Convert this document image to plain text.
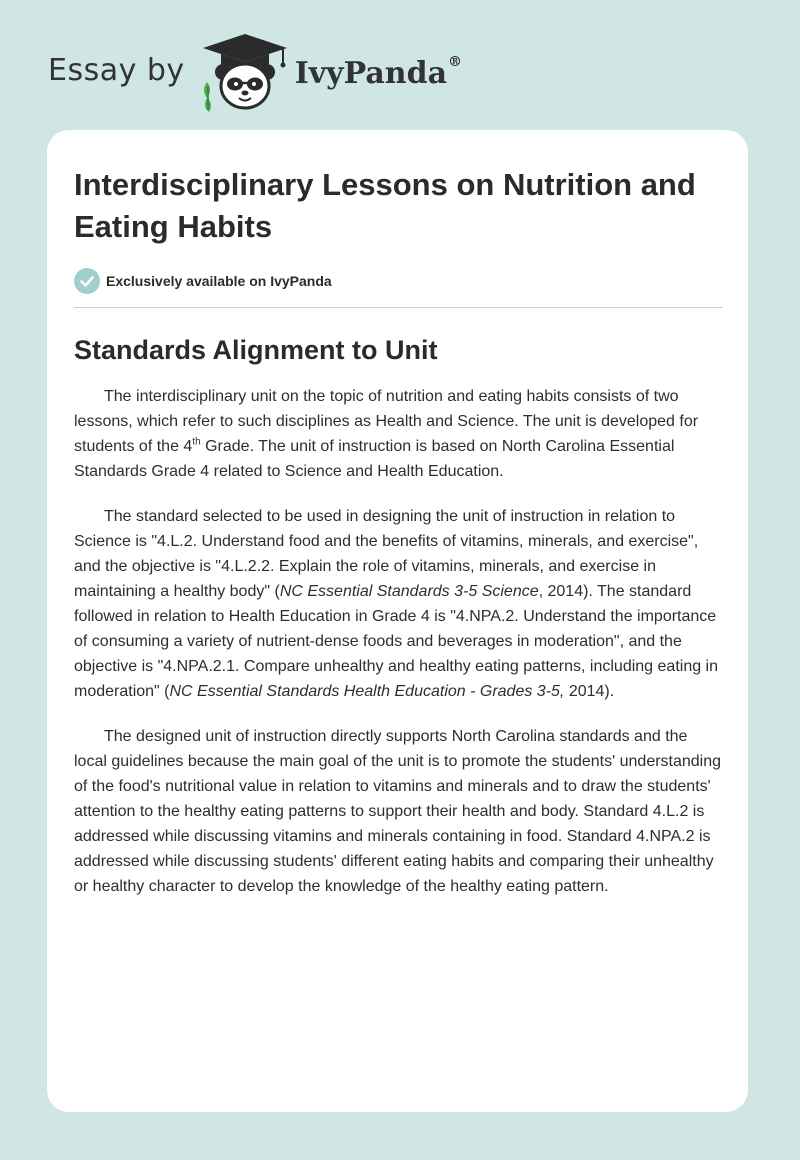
Essay by	IvyPanda®
Interdisciplinary Lessons on Nutrition and Eating Habits
Exclusively available on IvyPanda
Standards Alignment to Unit

The interdisciplinary unit on the topic of nutrition and eating habits consists of two lessons, which refer to such disciplines as Health and Science. The unit is developed for students of the 4th Grade. The unit of instruction is based on North Carolina Essential Standards Grade 4 related to Science and Health Education.

The standard selected to be used in designing the unit of instruction in relation to Science is "4.L.2. Understand food and the benefits of vitamins, minerals, and exercise", and the objective is "4.L.2.2. Explain the role of vitamins, minerals, and exercise in maintaining a healthy body" (NC Essential Standards 3-5 Science, 2014). The standard followed in relation to Health Education in Grade 4 is "4.NPA.2. Understand the importance of consuming a variety of nutrient-dense foods and beverages in moderation", and the objective is "4.NPA.2.1. Compare unhealthy and healthy eating patterns, including eating in moderation" (NC Essential Standards Health Education - Grades 3-5, 2014).

The designed unit of instruction directly supports North Carolina standards and the local guidelines because the main goal of the unit is to promote the students' understanding of the food's nutritional value in relation to vitamins and minerals and to draw the students' attention to the healthy eating patterns to support their health and body. Standard 4.L.2 is addressed while discussing vitamins and minerals containing in food. Standard 4.NPA.2 is addressed while discussing students' different eating habits and comparing their unhealthy or healthy character to develop the knowledge of the healthy eating pattern.
